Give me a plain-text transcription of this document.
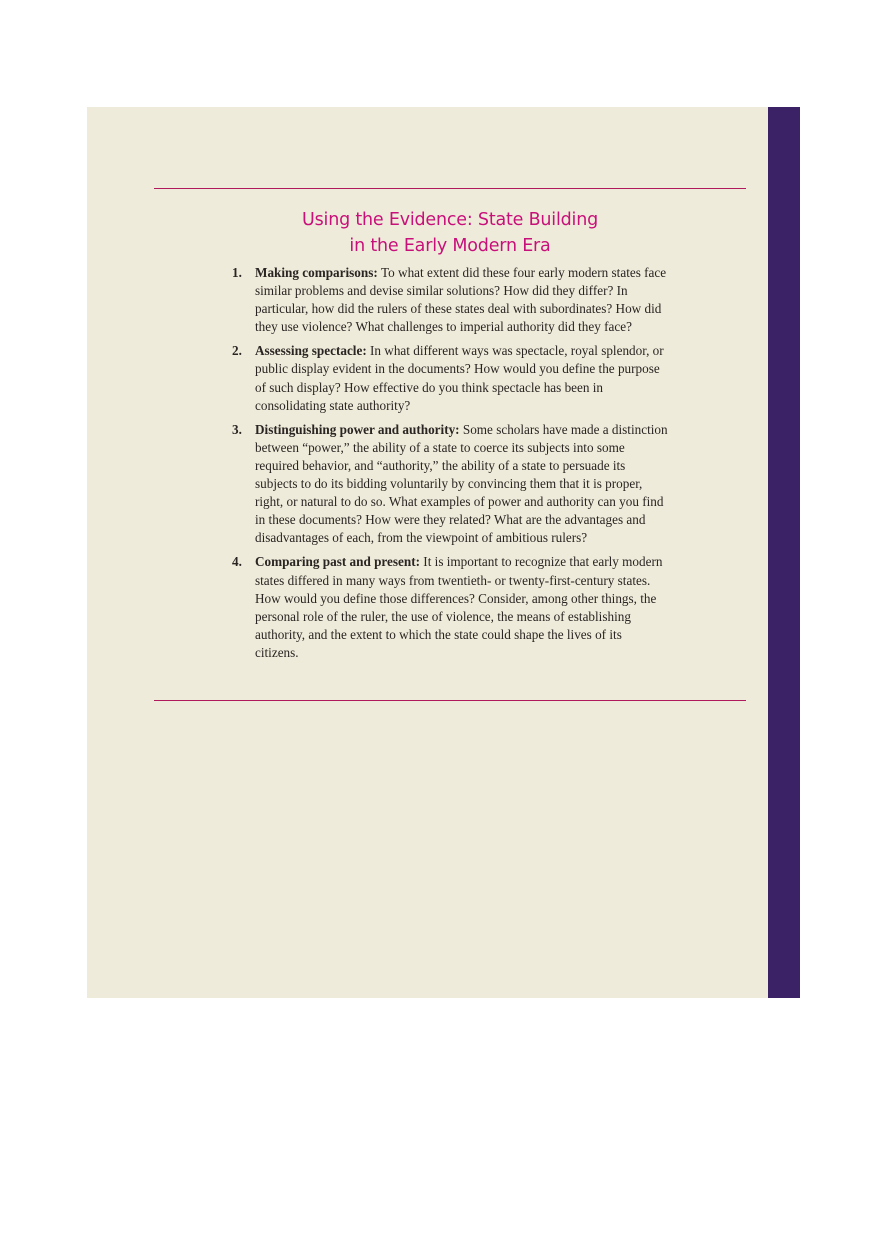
Using the Evidence: State Building
in the Early Modern Era
1. Making comparisons: To what extent did these four early modern states face similar problems and devise similar solutions? How did they differ? In particular, how did the rulers of these states deal with subordinates? How did they use violence? What challenges to imperial authority did they face?
2. Assessing spectacle: In what different ways was spectacle, royal splendor, or public display evident in the documents? How would you define the purpose of such display? How effective do you think spectacle has been in consolidating state authority?
3. Distinguishing power and authority: Some scholars have made a distinction between “power,” the ability of a state to coerce its subjects into some required behavior, and “authority,” the ability of a state to persuade its subjects to do its bidding voluntarily by convincing them that it is proper, right, or natural to do so. What examples of power and authority can you find in these documents? How were they related? What are the advantages and disadvantages of each, from the viewpoint of ambitious rulers?
4. Comparing past and present: It is important to recognize that early modern states differed in many ways from twentieth- or twenty-first-century states. How would you define those differences? Consider, among other things, the personal role of the ruler, the use of violence, the means of establishing authority, and the extent to which the state could shape the lives of its citizens.
